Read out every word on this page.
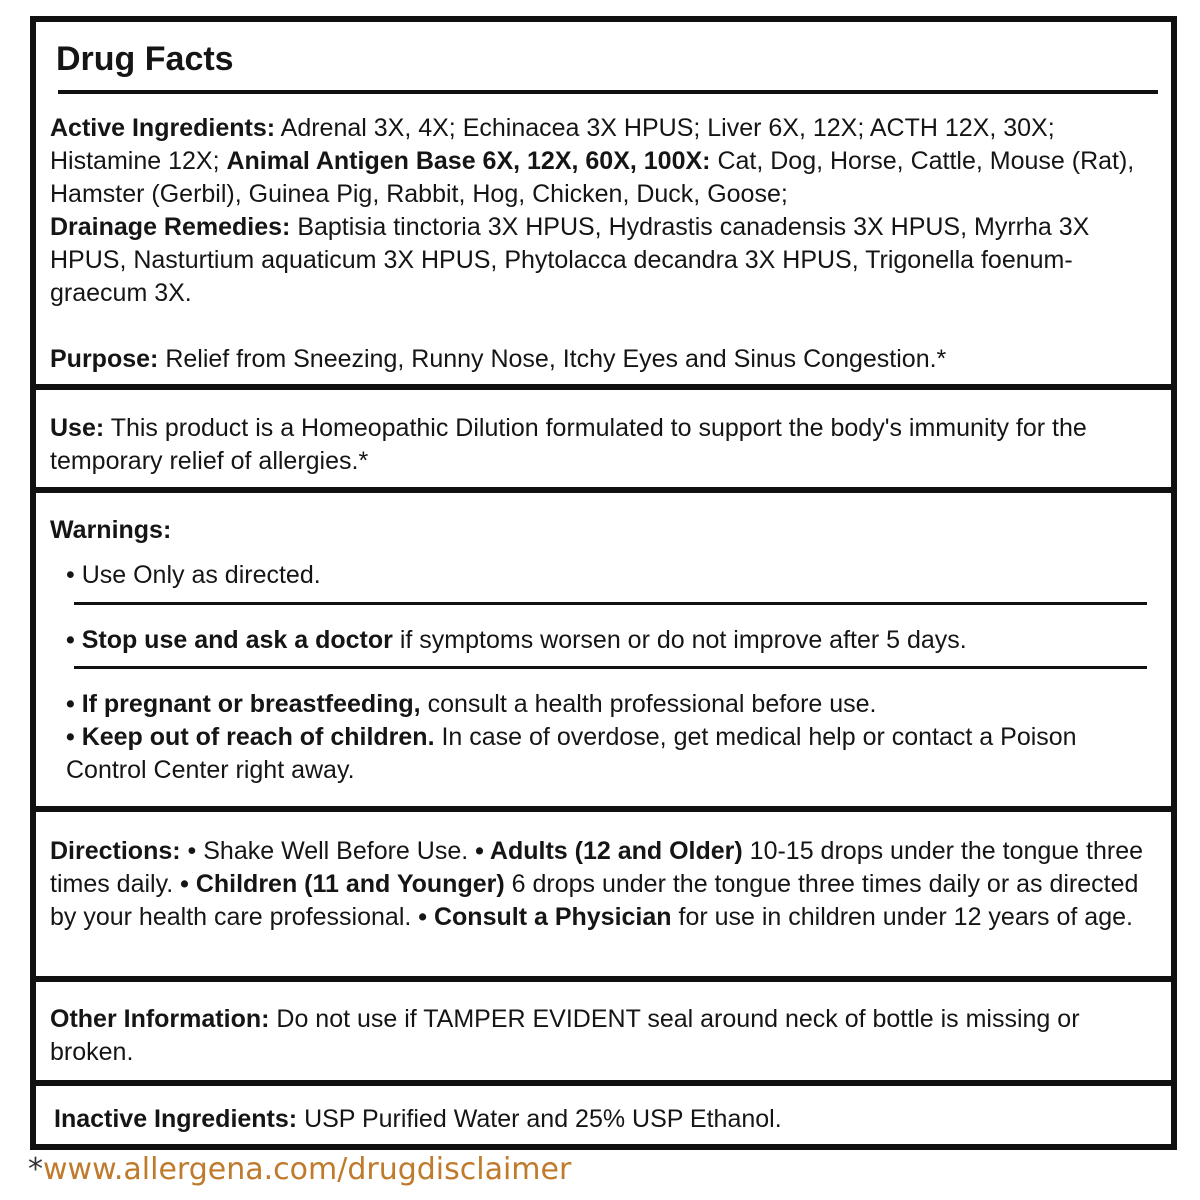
Drug Facts

Active Ingredients: Adrenal 3X, 4X; Echinacea 3X HPUS; Liver 6X, 12X; ACTH 12X, 30X; Histamine 12X; Animal Antigen Base 6X, 12X, 60X, 100X: Cat, Dog, Horse, Cattle, Mouse (Rat), Hamster (Gerbil), Guinea Pig, Rabbit, Hog, Chicken, Duck, Goose;
Drainage Remedies: Baptisia tinctoria 3X HPUS, Hydrastis canadensis 3X HPUS, Myrrha 3X HPUS, Nasturtium aquaticum 3X HPUS, Phytolacca decandra 3X HPUS, Trigonella foenum-graecum 3X.

Purpose: Relief from Sneezing, Runny Nose, Itchy Eyes and Sinus Congestion.*

Use: This product is a Homeopathic Dilution formulated to support the body's immunity for the temporary relief of allergies.*

Warnings:

• Use Only as directed.

• Stop use and ask a doctor if symptoms worsen or do not improve after 5 days.

• If pregnant or breastfeeding, consult a health professional before use.

• Keep out of reach of children. In case of overdose, get medical help or contact a Poison Control Center right away.

Directions: • Shake Well Before Use. • Adults (12 and Older) 10-15 drops under the tongue three times daily. • Children (11 and Younger) 6 drops under the tongue three times daily or as directed by your health care professional. • Consult a Physician for use in children under 12 years of age.

Other Information: Do not use if TAMPER EVIDENT seal around neck of bottle is missing or broken.

Inactive Ingredients: USP Purified Water and 25% USP Ethanol.

*www.allergena.com/drugdisclaimer
